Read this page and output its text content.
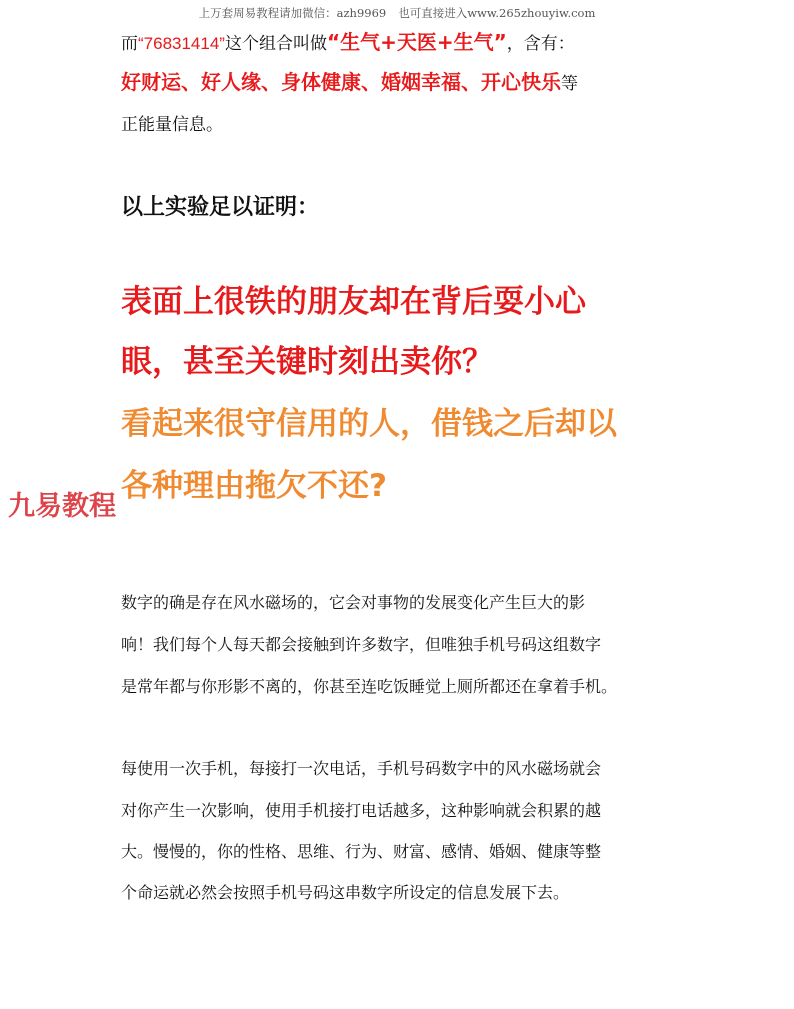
上万套周易教程请加微信：azh9969 也可直接进入www.265zhouyiw.com
而“76831414”这个组合叫做“生气+天医+生气”，含有：
好财运、好人缘、身体健康、婚姻幸福、开心快乐等
正能量信息。
以上实验足以证明：
表面上很铁的朋友却在背后耍小心
眼，甚至关键时刻出卖你？
看起来很守信用的人，借钱之后却以
各种理由拖欠不还?
九易教程
数字的确是存在风水磁场的，它会对事物的发展变化产生巨大的影
响！我们每个人每天都会接触到许多数字，但唯独手机号码这组数字
是常年都与你形影不离的，你甚至连吃饭睡觉上厕所都还在拿着手机。
每使用一次手机，每接打一次电话，手机号码数字中的风水磁场就会
对你产生一次影响，使用手机接打电话越多，这种影响就会积累的越
大。慢慢的，你的性格、思维、行为、财富、感情、婚姻、健康等整
个命运就必然会按照手机号码这串数字所设定的信息发展下去。
